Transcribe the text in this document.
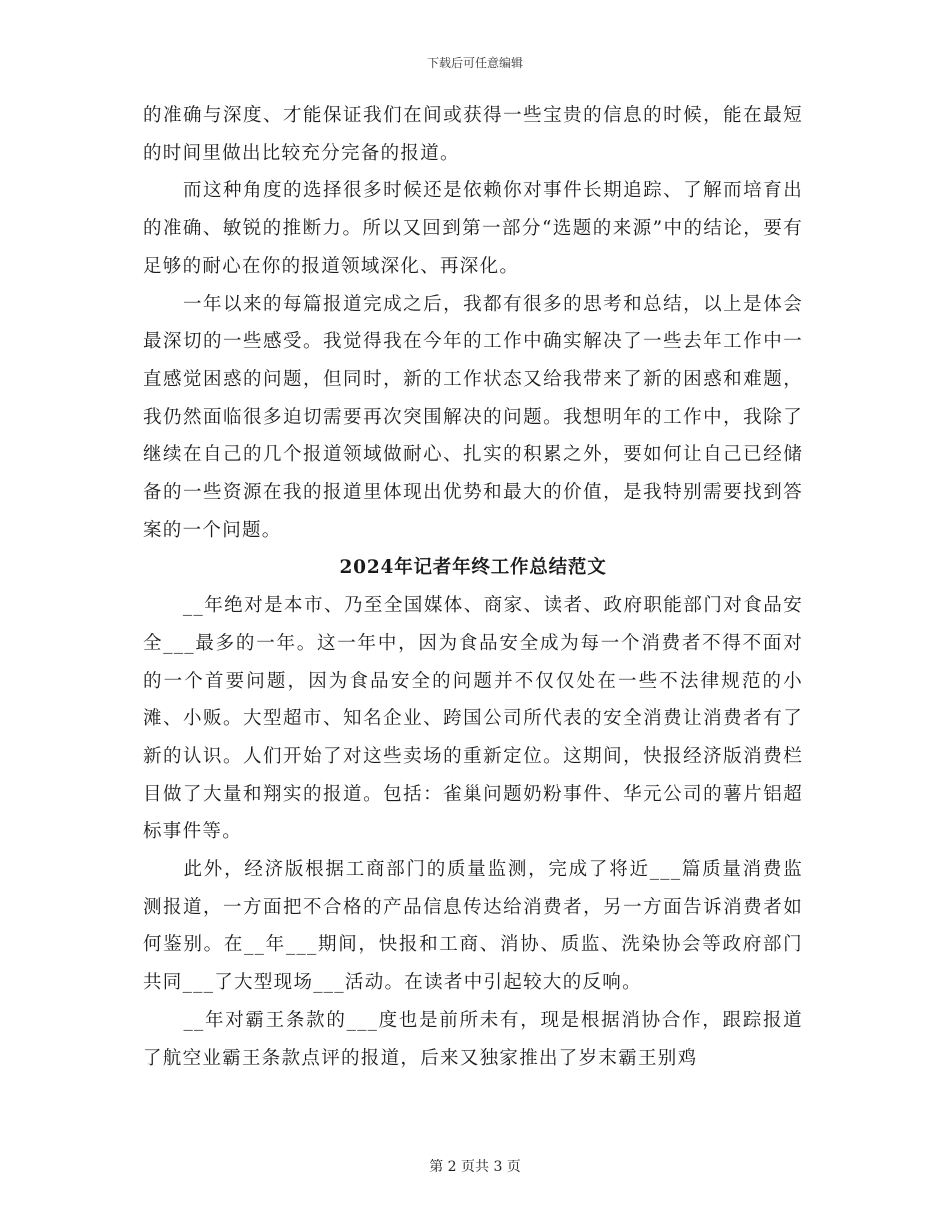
下载后可任意编辑

的准确与深度、才能保证我们在间或获得一些宝贵的信息的时候，能在最短的时间里做出比较充分完备的报道。

　　而这种角度的选择很多时候还是依赖你对事件长期追踪、了解而培育出的准确、敏锐的推断力。所以又回到第一部分“选题的来源”中的结论，要有足够的耐心在你的报道领域深化、再深化。

　　一年以来的每篇报道完成之后，我都有很多的思考和总结，以上是体会最深切的一些感受。我觉得我在今年的工作中确实解决了一些去年工作中一直感觉困惑的问题，但同时，新的工作状态又给我带来了新的困惑和难题，我仍然面临很多迫切需要再次突围解决的问题。我想明年的工作中，我除了继续在自己的几个报道领域做耐心、扎实的积累之外，要如何让自己已经储备的一些资源在我的报道里体现出优势和最大的价值，是我特别需要找到答案的一个问题。

2024年记者年终工作总结范文

　　__年绝对是本市、乃至全国媒体、商家、读者、政府职能部门对食品安全___最多的一年。这一年中，因为食品安全成为每一个消费者不得不面对的一个首要问题，因为食品安全的问题并不仅仅处在一些不法律规范的小滩、小贩。大型超市、知名企业、跨国公司所代表的安全消费让消费者有了新的认识。人们开始了对这些卖场的重新定位。这期间，快报经济版消费栏目做了大量和翔实的报道。包括：雀巢问题奶粉事件、华元公司的薯片铝超标事件等。

　　此外，经济版根据工商部门的质量监测，完成了将近___篇质量消费监测报道，一方面把不合格的产品信息传达给消费者，另一方面告诉消费者如何鉴别。在__年___期间，快报和工商、消协、质监、洗染协会等政府部门共同___了大型现场___活动。在读者中引起较大的反响。

　　__年对霸王条款的___度也是前所未有，现是根据消协合作，跟踪报道了航空业霸王条款点评的报道，后来又独家推出了岁末霸王别鸡

第 2 页共 3 页
